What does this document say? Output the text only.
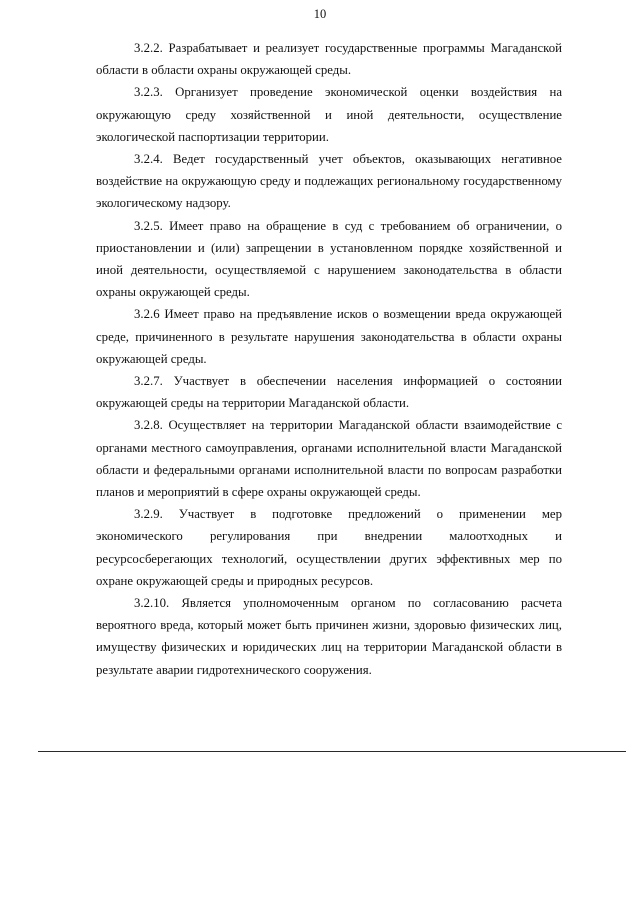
10

3.2.2. Разрабатывает и реализует государственные программы Магаданской области в области охраны окружающей среды.

3.2.3. Организует проведение экономической оценки воздействия на окружающую среду хозяйственной и иной деятельности, осуществление экологической паспортизации территории.

3.2.4. Ведет государственный учет объектов, оказывающих негативное воздействие на окружающую среду и подлежащих региональному государственному экологическому надзору.

3.2.5. Имеет право на обращение в суд с требованием об ограничении, о приостановлении и (или) запрещении в установленном порядке хозяйственной и иной деятельности, осуществляемой с нарушением законодательства в области охраны окружающей среды.

3.2.6 Имеет право на предъявление исков о возмещении вреда окружающей среде, причиненного в результате нарушения законодательства в области охраны окружающей среды.

3.2.7. Участвует в обеспечении населения информацией о состоянии окружающей среды на территории Магаданской области.

3.2.8. Осуществляет на территории Магаданской области взаимодействие с органами местного самоуправления, органами исполнительной власти Магаданской области и федеральными органами исполнительной власти по вопросам разработки планов и мероприятий в сфере охраны окружающей среды.

3.2.9. Участвует в подготовке предложений о применении мер экономического регулирования при внедрении малоотходных и ресурсосберегающих технологий, осуществлении других эффективных мер по охране окружающей среды и природных ресурсов.

3.2.10. Является уполномоченным органом по согласованию расчета вероятного вреда, который может быть причинен жизни, здоровью физических лиц, имуществу физических и юридических лиц на территории Магаданской области в результате аварии гидротехнического сооружения.
